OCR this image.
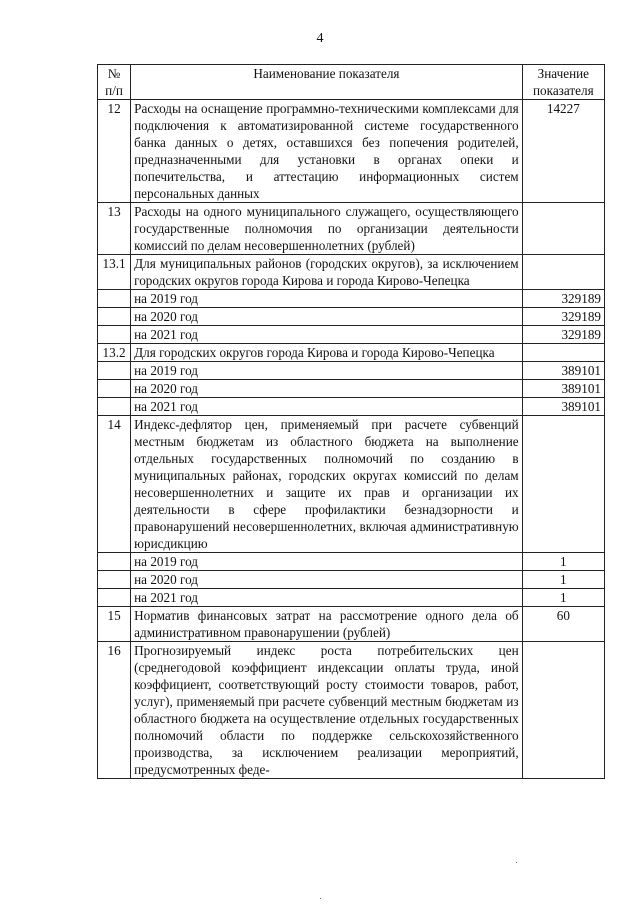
4
№ п/п	Наименование показателя	Значение показателя
12	Расходы на оснащение программно-техническими комплексами для подключения к автоматизированной системе государственного банка данных о детях, оставшихся без попечения родителей, предназначенными для установки в органах опеки и попечительства, и аттестацию информационных систем персональных данных	14227
13	Расходы на одного муниципального служащего, осуществляющего государственные полномочия по организации деятельности комиссий по делам несовершеннолетних (рублей)	
13.1	Для муниципальных районов (городских округов), за исключением городских округов города Кирова и города Кирово-Чепецка	
	на 2019 год	329189
	на 2020 год	329189
	на 2021 год	329189
13.2	Для городских округов города Кирова и города Кирово-Чепецка	
	на 2019 год	389101
	на 2020 год	389101
	на 2021 год	389101
14	Индекс-дефлятор цен, применяемый при расчете субвенций местным бюджетам из областного бюджета на выполнение отдельных государственных полномочий по созданию в муниципальных районах, городских округах комиссий по делам несовершеннолетних и защите их прав и организации их деятельности в сфере профилактики безнадзорности и правонарушений несовершеннолетних, включая административную юрисдикцию	
	на 2019 год	1
	на 2020 год	1
	на 2021 год	1
15	Норматив финансовых затрат на рассмотрение одного дела об административном правонарушении (рублей)	60
16	Прогнозируемый индекс роста потребительских цен (среднегодовой коэффициент индексации оплаты труда, иной коэффициент, соответствующий росту стоимости товаров, работ, услуг), применяемый при расчете субвенций местным бюджетам из областного бюджета на осуществление отдельных государственных полномочий области по поддержке сельскохозяйственного производства, за исключением реализации мероприятий, предусмотренных феде-	
